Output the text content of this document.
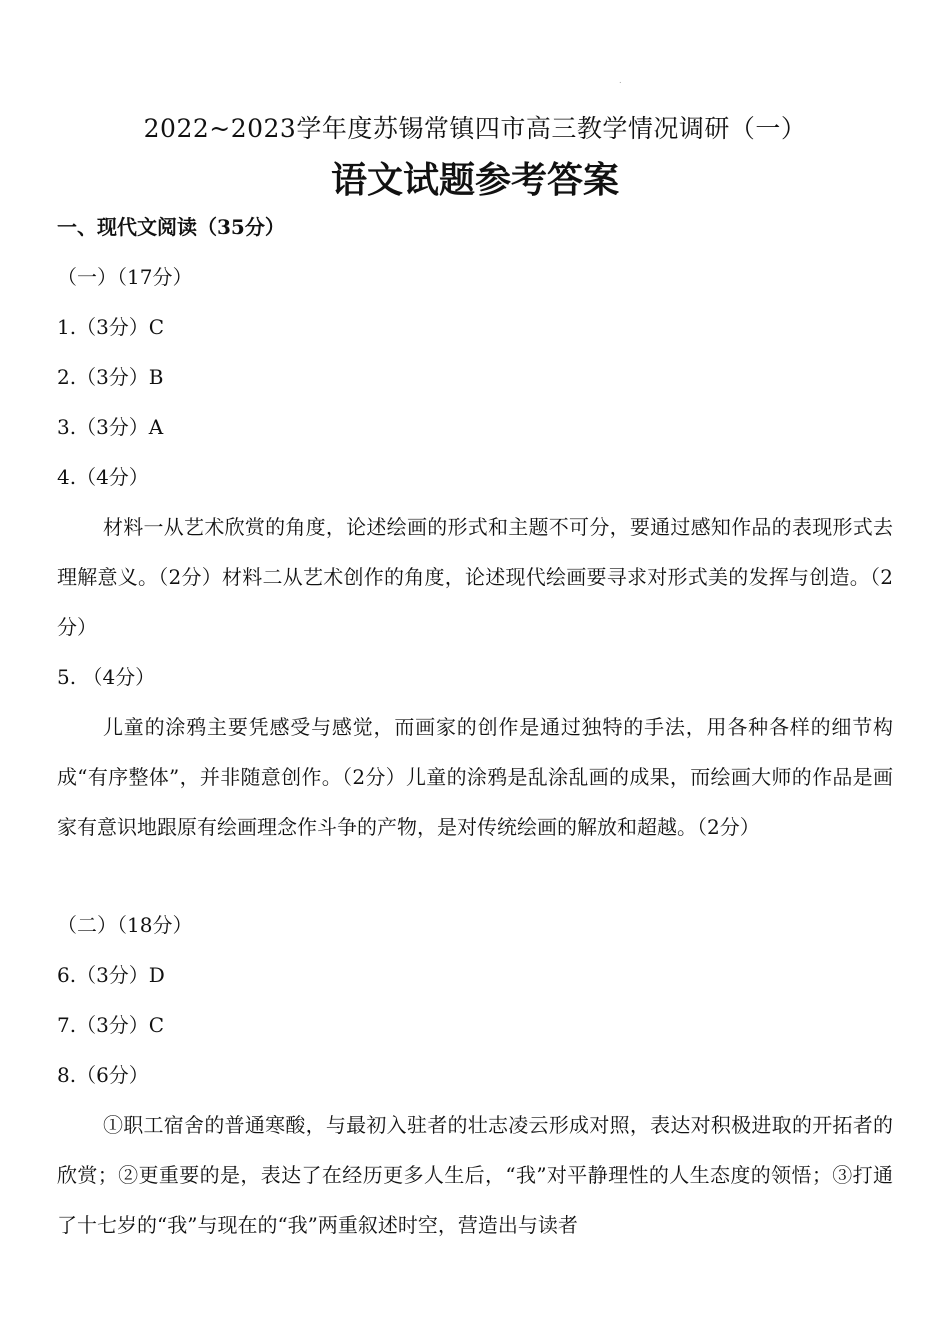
.
2022~2023学年度苏锡常镇四市高三教学情况调研（一）
语文试题参考答案
一、现代文阅读（35分）
（一）（17分）
1.（3分）C
2.（3分）B
3.（3分）A
4.（4分）
材料一从艺术欣赏的角度，论述绘画的形式和主题不可分，要通过感知作品的表现形式去理解意义。（2分）材料二从艺术创作的角度，论述现代绘画要寻求对形式美的发挥与创造。（2分）
5. （4分）
儿童的涂鸦主要凭感受与感觉，而画家的创作是通过独特的手法，用各种各样的细节构成“有序整体”，并非随意创作。（2分）儿童的涂鸦是乱涂乱画的成果，而绘画大师的作品是画家有意识地跟原有绘画理念作斗争的产物，是对传统绘画的解放和超越。（2分）
（二）（18分）
6.（3分）D
7.（3分）C
8.（6分）
①职工宿舍的普通寒酸，与最初入驻者的壮志凌云形成对照，表达对积极进取的开拓者的欣赏；②更重要的是，表达了在经历更多人生后，“我”对平静理性的人生态度的领悟；③打通了十七岁的“我”与现在的“我”两重叙述时空，营造出与读者
